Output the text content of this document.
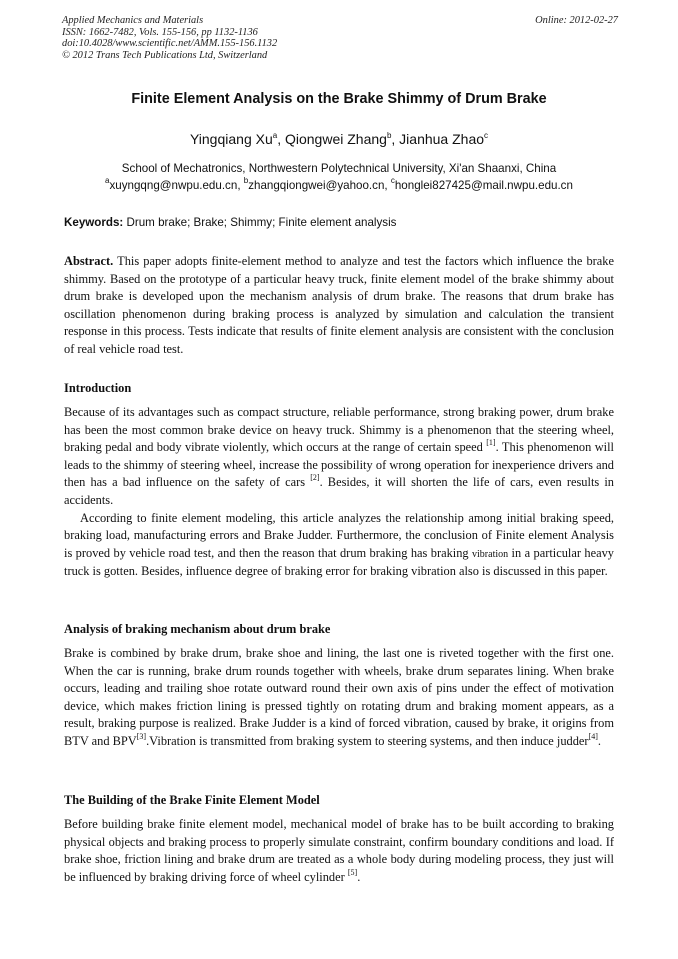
Applied Mechanics and Materials
ISSN: 1662-7482, Vols. 155-156, pp 1132-1136
doi:10.4028/www.scientific.net/AMM.155-156.1132
© 2012 Trans Tech Publications Ltd, Switzerland
Online: 2012-02-27
Finite Element Analysis on the Brake Shimmy of Drum Brake
Yingqiang Xu$^a$, Qiongwei Zhang$^b$, Jianhua Zhao$^c$
School of Mechatronics, Northwestern Polytechnical University, Xi'an Shaanxi, China
$^a$xuyngqng@nwpu.edu.cn, $^b$zhangqiongwei@yahoo.cn, $^c$honglei827425@mail.nwpu.edu.cn
Keywords: Drum brake; Brake; Shimmy; Finite element analysis
Abstract. This paper adopts finite-element method to analyze and test the factors which influence the brake shimmy. Based on the prototype of a particular heavy truck, finite element model of the brake shimmy about drum brake is developed upon the mechanism analysis of drum brake. The reasons that drum brake has oscillation phenomenon during braking process is analyzed by simulation and calculation the transient response in this process. Tests indicate that results of finite element analysis are consistent with the conclusion of real vehicle road test.
Introduction
Because of its advantages such as compact structure, reliable performance, strong braking power, drum brake has been the most common brake device on heavy truck. Shimmy is a phenomenon that the steering wheel, braking pedal and body vibrate violently, which occurs at the range of certain speed [1]. This phenomenon will leads to the shimmy of steering wheel, increase the possibility of wrong operation for inexperience drivers and then has a bad influence on the safety of cars [2]. Besides, it will shorten the life of cars, even results in accidents.
According to finite element modeling, this article analyzes the relationship among initial braking speed, braking load, manufacturing errors and Brake Judder. Furthermore, the conclusion of Finite element Analysis is proved by vehicle road test, and then the reason that drum braking has braking vibration in a particular heavy truck is gotten. Besides, influence degree of braking error for braking vibration also is discussed in this paper.
Analysis of braking mechanism about drum brake
Brake is combined by brake drum, brake shoe and lining, the last one is riveted together with the first one. When the car is running, brake drum rounds together with wheels, brake drum separates lining. When brake occurs, leading and trailing shoe rotate outward round their own axis of pins under the effect of motivation device, which makes friction lining is pressed tightly on rotating drum and braking moment appears, as a result, braking purpose is realized. Brake Judder is a kind of forced vibration, caused by brake, it origins from BTV and BPV[3].Vibration is transmitted from braking system to steering systems, and then induce judder[4].
The Building of the Brake Finite Element Model
Before building brake finite element model, mechanical model of brake has to be built according to braking physical objects and braking process to properly simulate constraint, confirm boundary conditions and load. If brake shoe, friction lining and brake drum are treated as a whole body during modeling process, they just will be influenced by braking driving force of wheel cylinder [5].
